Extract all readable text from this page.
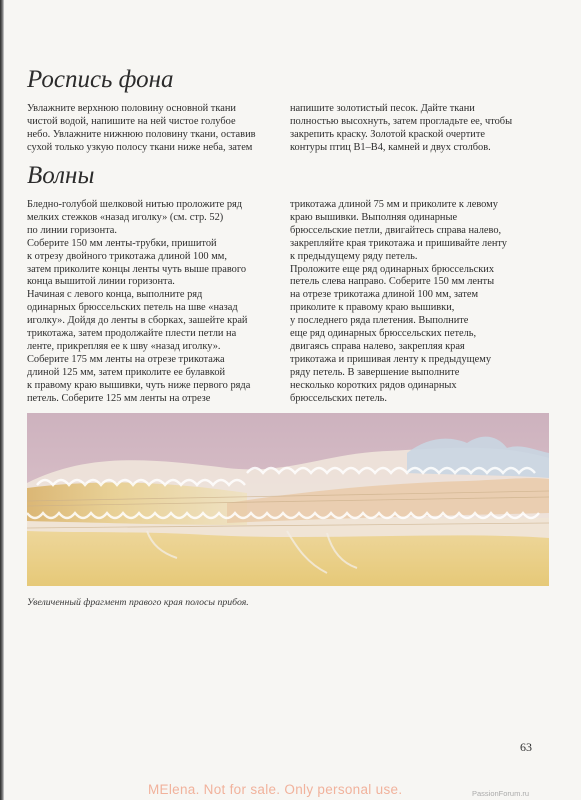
Роспись фона

Увлажните верхнюю половину основной ткани

чистой водой, напишите на ней чистое голубое

небо. Увлажните нижнюю половину ткани, оставив

сухой только узкую полосу ткани ниже неба, затем

напишите золотистый песок. Дайте ткани

полностью высохнуть, затем прогладьте ее, чтобы

закрепить краску. Золотой краской очертите

контуры птиц B1–B4, камней и двух столбов.

Волны

Бледно-голубой шелковой нитью проложите ряд

мелких стежков «назад иголку» (см. стр. 52)

по линии горизонта.

Соберите 150 мм ленты-трубки, пришитой

к отрезу двойного трикотажа длиной 100 мм,

затем приколите концы ленты чуть выше правого

конца вышитой линии горизонта.

Начиная с левого конца, выполните ряд

одинарных брюссельских петель на шве «назад

иголку». Дойдя до ленты в сборках, зашейте край

трикотажа, затем продолжайте плести петли на

ленте, прикрепляя ее к шву «назад иголку».

Соберите 175 мм ленты на отрезе трикотажа

длиной 125 мм, затем приколите ее булавкой

к правому краю вышивки, чуть ниже первого ряда

петель. Соберите 125 мм ленты на отрезе

трикотажа длиной 75 мм и приколите к левому

краю вышивки. Выполняя одинарные

брюссельские петли, двигайтесь справа налево,

закрепляйте края трикотажа и пришивайте ленту

к предыдущему ряду петель.

Проложите еще ряд одинарных брюссельских

петель слева направо. Соберите 150 мм ленты

на отрезе трикотажа длиной 100 мм, затем

приколите к правому краю вышивки,

у последнего ряда плетения. Выполните

еще ряд одинарных брюссельских петель,

двигаясь справа налево, закрепляя края

трикотажа и пришивая ленту к предыдущему

ряду петель. В завершение выполните

несколько коротких рядов одинарных

брюссельских петель.

Увеличенный фрагмент правого края полосы прибоя.
63
MElena. Not for sale. Only personal use.	PassionForum.ru
